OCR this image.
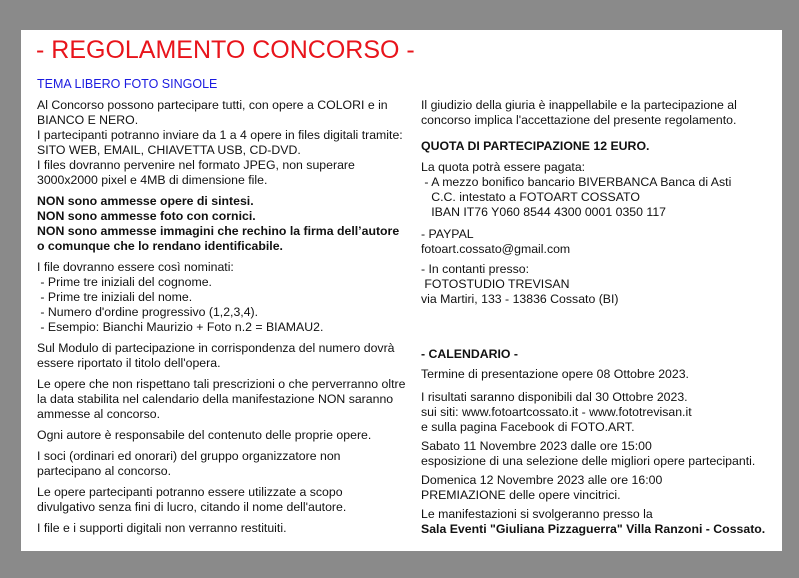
- REGOLAMENTO CONCORSO -
TEMA LIBERO FOTO SINGOLE

Al Concorso possono partecipare tutti, con opere a COLORI e in

BIANCO E NERO.

I partecipanti potranno inviare da 1 a 4 opere in files digitali tramite:

SITO WEB, EMAIL, CHIAVETTA USB, CD-DVD.

I files dovranno pervenire nel formato JPEG, non superare

3000x2000 pixel e 4MB di dimensione file.

NON sono ammesse opere di sintesi.

NON sono ammesse foto con cornici.

NON sono ammesse immagini che rechino la firma dell’autore

o comunque che lo rendano identificabile.

I file dovranno essere così nominati:

- Prime tre iniziali del cognome.

- Prime tre iniziali del nome.

- Numero d'ordine progressivo (1,2,3,4).

- Esempio: Bianchi Maurizio + Foto n.2 = BIAMAU2.

Sul Modulo di partecipazione in corrispondenza del numero dovrà

essere riportato il titolo dell'opera.

Le opere che non rispettano tali prescrizioni o che perverranno oltre

la data stabilita nel calendario della manifestazione NON saranno

ammesse al concorso.

Ogni autore è responsabile del contenuto delle proprie opere.

I soci (ordinari ed onorari) del gruppo organizzatore non

partecipano al concorso.

Le opere partecipanti potranno essere utilizzate a scopo

divulgativo senza fini di lucro, citando il nome dell'autore.

I file e i supporti digitali non verranno restituiti.

Il giudizio della giuria è inappellabile e la partecipazione al

concorso implica l'accettazione del presente regolamento.

QUOTA DI PARTECIPAZIONE 12 EURO.

La quota potrà essere pagata:

- A mezzo bonifico bancario BIVERBANCA Banca di Asti

C.C. intestato a FOTOART COSSATO

IBAN IT76 Y060 8544 4300 0001 0350 117

- PAYPAL

fotoart.cossato@gmail.com

- In contanti presso:

FOTOSTUDIO TREVISAN

via Martiri, 133 - 13836 Cossato (BI)

- CALENDARIO -

Termine di presentazione opere 08 Ottobre 2023.

I risultati saranno disponibili dal 30 Ottobre 2023.

sui siti: www.fotoartcossato.it - www.fototrevisan.it

e sulla pagina Facebook di FOTO.ART.

Sabato 11 Novembre 2023 dalle ore 15:00

esposizione di una selezione delle migliori opere partecipanti.

Domenica 12 Novembre 2023 alle ore 16:00

PREMIAZIONE delle opere vincitrici.

Le manifestazioni si svolgeranno presso la

Sala Eventi "Giuliana Pizzaguerra" Villa Ranzoni - Cossato.
